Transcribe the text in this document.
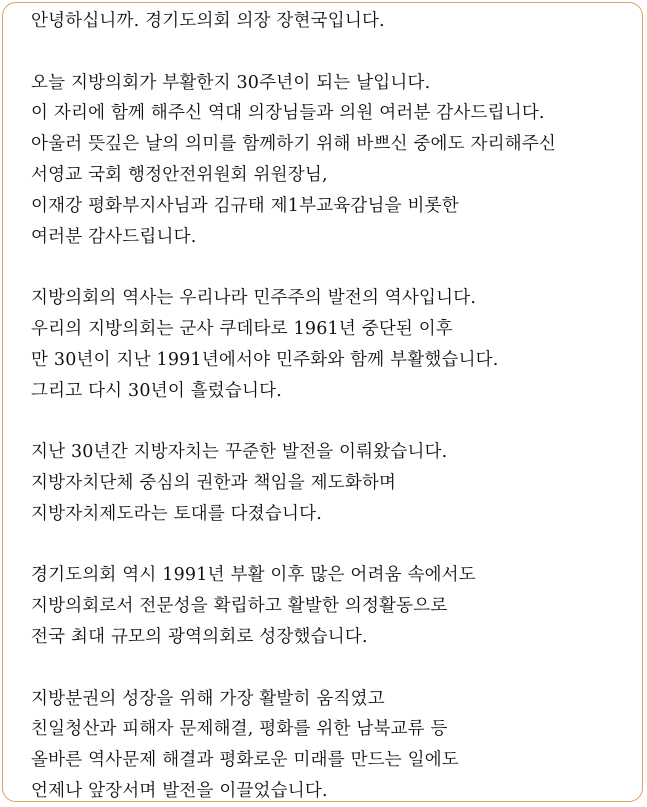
안녕하십니까. 경기도의회 의장 장현국입니다.
오늘 지방의회가 부활한지 30주년이 되는 날입니다.
이 자리에 함께 해주신 역대 의장님들과 의원 여러분 감사드립니다.
아울러 뜻깊은 날의 의미를 함께하기 위해 바쁘신 중에도 자리해주신
서영교 국회 행정안전위원회 위원장님,
이재강 평화부지사님과 김규태 제1부교육감님을 비롯한
여러분 감사드립니다.
지방의회의 역사는 우리나라 민주주의 발전의 역사입니다.
우리의 지방의회는 군사 쿠데타로 1961년 중단된 이후
만 30년이 지난 1991년에서야 민주화와 함께 부활했습니다.
그리고 다시 30년이 흘렀습니다.
지난 30년간 지방자치는 꾸준한 발전을 이뤄왔습니다.
지방자치단체 중심의 권한과 책임을 제도화하며
지방자치제도라는 토대를 다졌습니다.
경기도의회 역시 1991년 부활 이후 많은 어려움 속에서도
지방의회로서 전문성을 확립하고 활발한 의정활동으로
전국 최대 규모의 광역의회로 성장했습니다.
지방분권의 성장을 위해 가장 활발히 움직였고
친일청산과 피해자 문제해결, 평화를 위한 남북교류 등
올바른 역사문제 해결과 평화로운 미래를 만드는 일에도
언제나 앞장서며 발전을 이끌었습니다.
